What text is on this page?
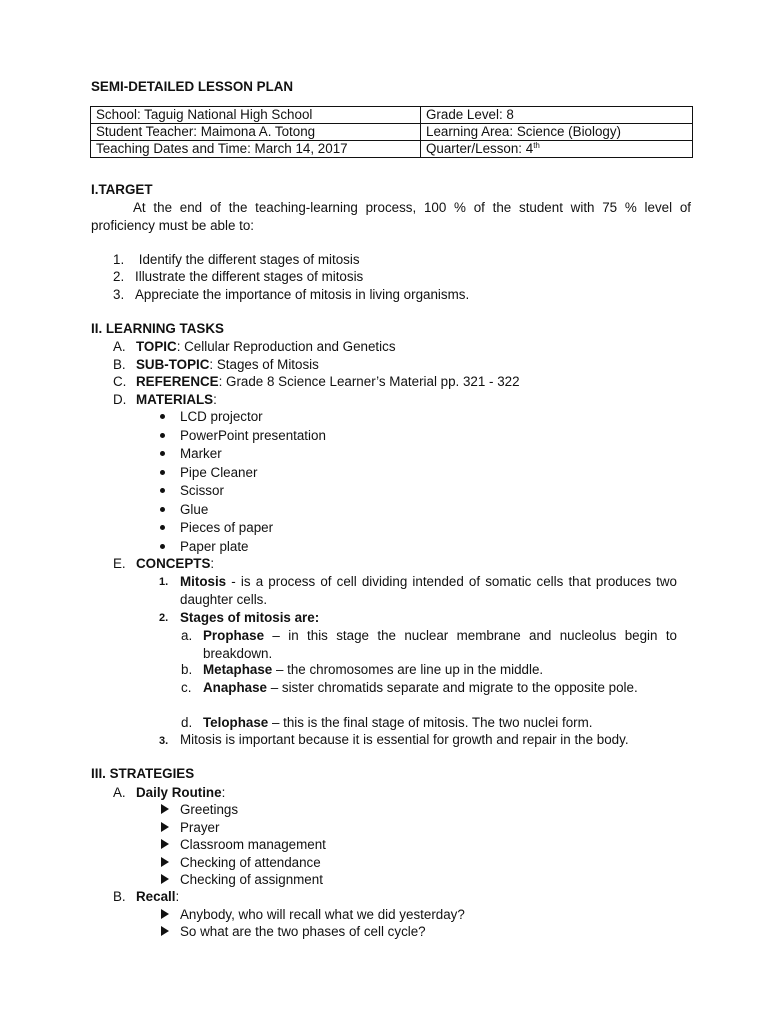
SEMI-DETAILED LESSON PLAN
School: Taguig National High School	Grade Level: 8
Student Teacher: Maimona A. Totong	Learning Area: Science (Biology)
Teaching Dates and Time: March 14, 2017	Quarter/Lesson: 4th
I.TARGET
At the end of the teaching-learning process, 100 % of the student with 75 % level of proficiency must be able to:
1. Identify the different stages of mitosis
2. Illustrate the different stages of mitosis
3. Appreciate the importance of mitosis in living organisms.
II. LEARNING TASKS
A. TOPIC: Cellular Reproduction and Genetics
B. SUB-TOPIC: Stages of Mitosis
C. REFERENCE: Grade 8 Science Learner’s Material pp. 321 - 322
D. MATERIALS:
LCD projector
PowerPoint presentation
Marker
Pipe Cleaner
Scissor
Glue
Pieces of paper
Paper plate
E. CONCEPTS:
1. Mitosis - is a process of cell dividing intended of somatic cells that produces two daughter cells.
2. Stages of mitosis are:
a. Prophase – in this stage the nuclear membrane and nucleolus begin to breakdown.
b. Metaphase – the chromosomes are line up in the middle.
c. Anaphase – sister chromatids separate and migrate to the opposite pole.
d. Telophase – this is the final stage of mitosis. The two nuclei form.
3. Mitosis is important because it is essential for growth and repair in the body.
III. STRATEGIES
A. Daily Routine:
Greetings
Prayer
Classroom management
Checking of attendance
Checking of assignment
B. Recall:
Anybody, who will recall what we did yesterday?
So what are the two phases of cell cycle?
